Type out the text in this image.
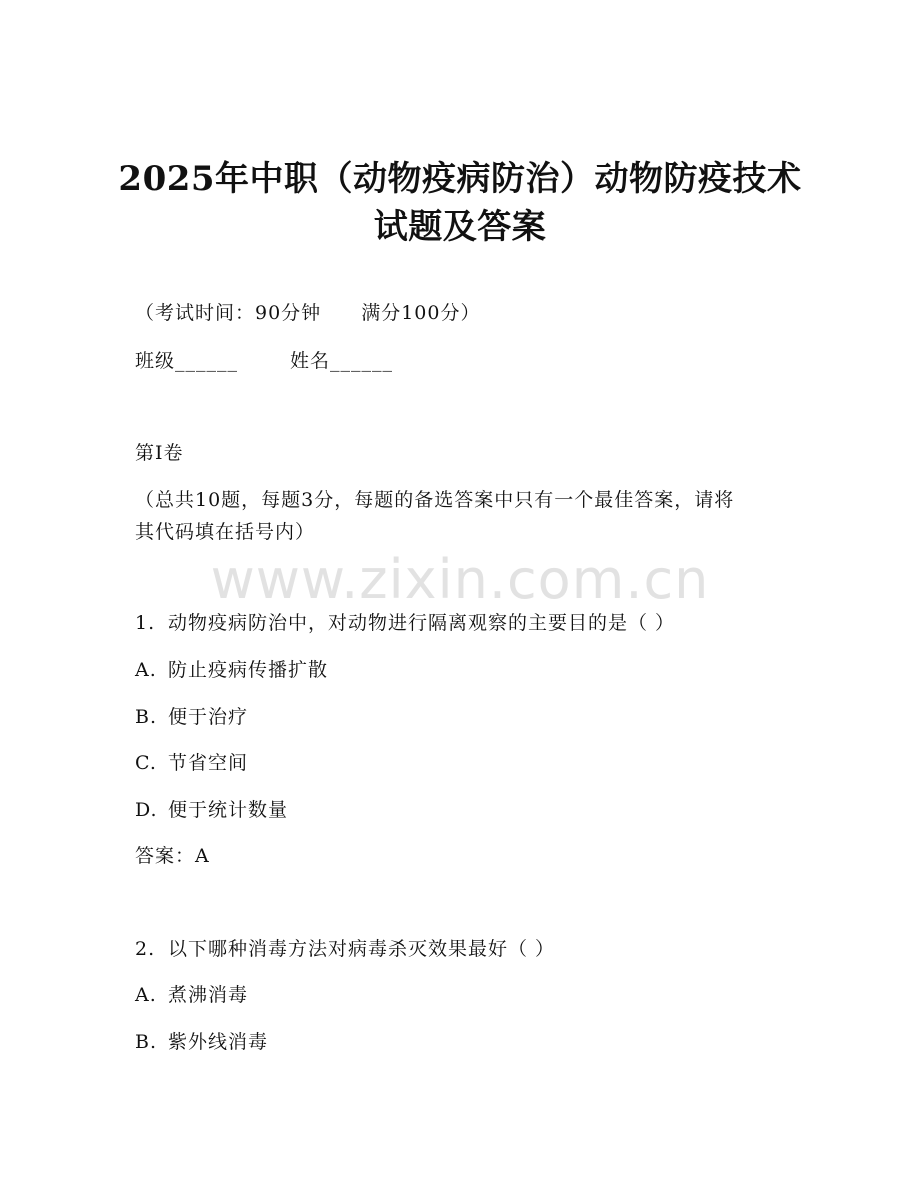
2025年中职（动物疫病防治）动物防疫技术
试题及答案
（考试时间：90分钟 满分100分）
班级______	姓名______
第I卷
（总共10题，每题3分，每题的备选答案中只有一个最佳答案，请将
其代码填在括号内）
www.zixin.com.cn
1. 动物疫病防治中，对动物进行隔离观察的主要目的是（ ）
A. 防止疫病传播扩散
B. 便于治疗
C. 节省空间
D. 便于统计数量
答案：A
2. 以下哪种消毒方法对病毒杀灭效果最好（ ）
A. 煮沸消毒
B. 紫外线消毒
